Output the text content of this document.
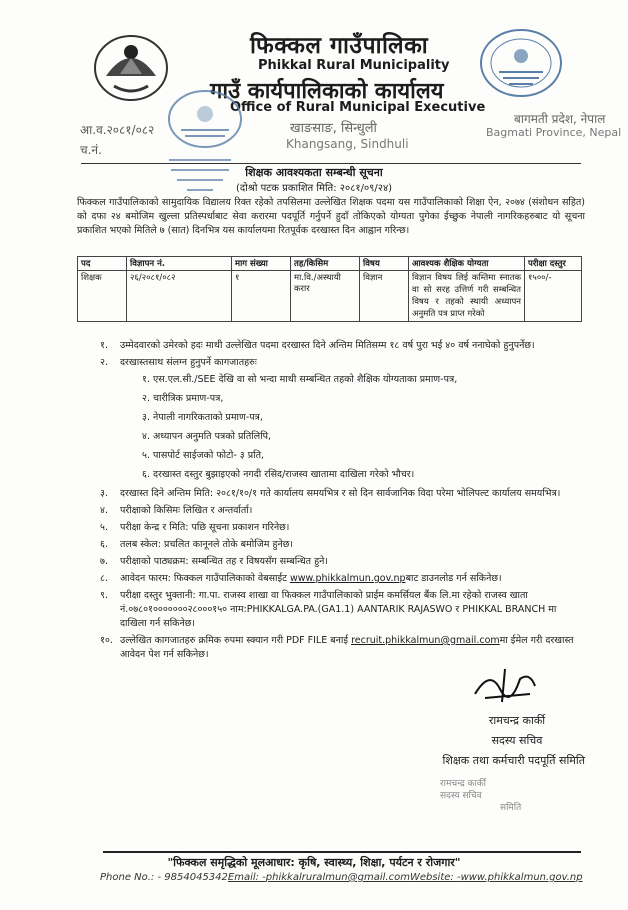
फिक्कल गाउँपालिका
Phikkal Rural Municipality
गाउँ कार्यपालिकाको कार्यालय
Office of Rural Municipal Executive
खाङसाङ, सिन्धुली
Khangsang, Sindhuli
बागमती प्रदेश, नेपाल
Bagmati Province, Nepal
आ.व.२०८१/०८२
च.नं.
शिक्षक आवश्यकता सम्बन्धी सूचना
(दोश्रो पटक प्रकाशित मिति: २०८१/०९/२४)
फिक्कल गाउँपालिकाको सामुदायिक विद्यालय रिक्त रहेको तपसिलमा उल्लेखित शिक्षक पदमा यस गाउँपालिकाको शिक्षा ऐन, २०७४ (संशोधन सहित) को दफा २४ बमोजिम खुल्ला प्रतिस्पर्धाबाट सेवा करारमा पदपूर्ति गर्नुपर्ने हुदाँ तोकिएको योग्यता पुगेका ईच्छुक नेपाली नागरिकहरुबाट यो सूचना प्रकाशित भएको मितिले ७ (सात) दिनभित्र यस कार्यालयमा रितपूर्वक दरखास्त दिन आह्वान गरिन्छ।
पद	विज्ञापन नं.	माग संख्या	तह/किसिम	विषय	आवश्यक शैक्षिक योग्यता	परीक्षा दस्तुर
शिक्षक	२६/२०८१/०८२	१	मा.वि./अस्थायी करार	विज्ञान	विज्ञान विषय लिई कम्तिमा स्नातक वा सो सरह उत्तिर्ण गरी सम्बन्धित विषय र तहको स्थायी अध्यापन अनुमति पत्र प्राप्त गरेको	१५००/-
१. उम्मेदवारको उमेरको हदः माथी उल्लेखित पदमा दरखास्त दिने अन्तिम मितिसम्म १८ वर्ष पुरा भई ४० वर्ष ननाघेको हुनुपर्नेछ।
२. दरखास्तसाथ संलग्न हुनुपर्ने कागजातहरुः
१. एस.एल.सी./SEE देखि वा सो भन्दा माथी सम्बन्धित तहको शैक्षिक योग्यताका प्रमाण-पत्र,
२. चारीत्रिक प्रमाण-पत्र,
३. नेपाली नागरिकताको प्रमाण-पत्र,
४. अध्यापन अनुमति पत्रको प्रतिलिपि,
५. पासपोर्ट साईजको फोटो- ३ प्रति,
६. दरखास्त दस्तुर बुझाइएको नगदी रसिद/राजस्व खातामा दाखिला गरेको भौचर।
३. दरखास्त दिने अन्तिम मिति: २०८१/१०/१ गते कार्यालय समयभित्र र सो दिन सार्वजानिक विदा परेमा भोलिपल्ट कार्यालय समयभित्र।
४. परीक्षाको किसिमः लिखित र अन्तर्वार्ता।
५. परीक्षा केन्द्र र मिति: पछि सूचना प्रकाशन गरिनेछ।
६. तलब स्केल: प्रचलित कानूनले तोके बमोजिम हुनेछ।
७. परीक्षाको पाठ्यक्रम: सम्बन्धित तह र विषयसँग सम्बन्धित हुने।
८. आवेदन फारम: फिक्कल गाउँपालिकाको वेबसाईट www.phikkalmun.gov.npबाट डाउनलोड गर्न सकिनेछ।
९. परीक्षा दस्तुर भुक्तानी: गा.पा. राजस्व शाखा वा फिक्कल गाउँपालिकाको प्राईम कमर्सियल बैंक लि.मा रहेको राजस्व खाता नं.०७८०१०००००००२८०००१५० नाम:PHIKKALGA.PA.(GA1.1) AANTARIK RAJASWO र PHIKKAL BRANCH मा दाखिला गर्न सकिनेछ।
१०. उल्लेखित कागजातहरु क्रमिक रुपमा स्क्यान गरी PDF FILE बनाई recruit.phikkalmun@gmail.comमा ईमेल गरी दरखास्त आवेदन पेश गर्न सकिनेछ।
रामचन्द्र कार्की
सदस्य सचिव
शिक्षक तथा कर्मचारी पदपूर्ति समिति
रामचन्द्र कार्की
सदस्य सचिव
समिति
"फिक्कल समृद्धिको मूलआधार: कृषि, स्वास्थ्य, शिक्षा, पर्यटन र रोजगार"
Phone No.: - 9854045342Email: -phikkalruralmun@gmail.comWebsite: -www.phikkalmun.gov.np
